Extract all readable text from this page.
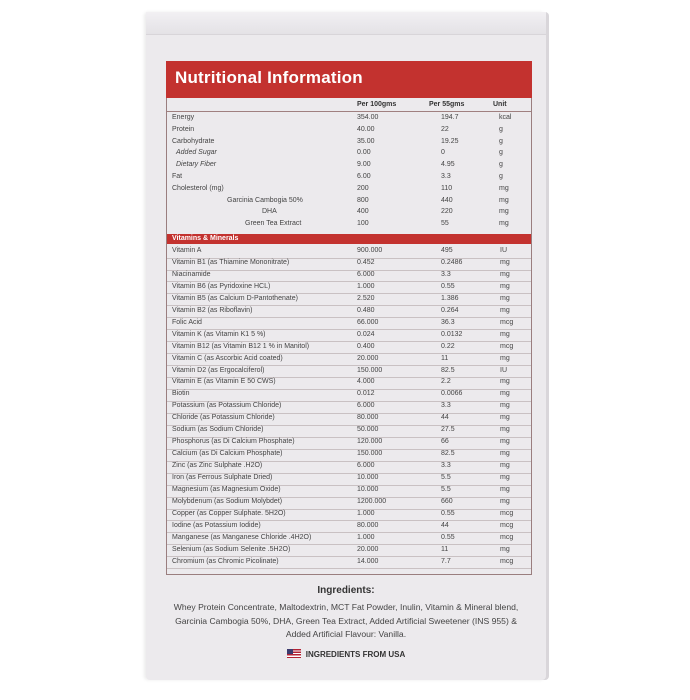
Nutritional Information
Per 100gms	Per 55gms	Unit
Energy	354.00	194.7	kcal
Protein	40.00	22	g
Carbohydrate	35.00	19.25	g
Added Sugar	0.00	0	g
Dietary Fiber	9.00	4.95	g
Fat	6.00	3.3	g
Cholesterol (mg)	200	110	mg
Garcinia Cambogia 50%	800	440	mg
DHA	400	220	mg
Green Tea Extract	100	55	mg
Vitamins & Minerals
Vitamin A	900.000	495	IU
Vitamin B1 (as Thiamine Mononitrate)	0.452	0.2486	mg
Niacinamide	6.000	3.3	mg
Vitamin B6 (as Pyridoxine HCL)	1.000	0.55	mg
Vitamin B5 (as Calcium D-Pantothenate)	2.520	1.386	mg
Vitamin B2 (as Riboflavin)	0.480	0.264	mg
Folic Acid	66.000	36.3	mcg
Vitamin K (as Vitamin K1 5 %)	0.024	0.0132	mg
Vitamin B12 (as Vitamin B12 1 % in Manitol)	0.400	0.22	mcg
Vitamin C (as Ascorbic Acid coated)	20.000	11	mg
Vitamin D2 (as Ergocalciferol)	150.000	82.5	IU
Vitamin E (as Vitamin E 50 CWS)	4.000	2.2	mg
Biotin	0.012	0.0066	mg
Potassium (as Potassium Chloride)	6.000	3.3	mg
Chloride (as Potassium Chloride)	80.000	44	mg
Sodium (as Sodium Chloride)	50.000	27.5	mg
Phosphorus (as Di Calcium Phosphate)	120.000	66	mg
Calcium (as Di Calcium Phosphate)	150.000	82.5	mg
Zinc (as Zinc Sulphate .H2O)	6.000	3.3	mg
Iron (as Ferrous Sulphate Dried)	10.000	5.5	mg
Magnesium (as Magnesium Oxide)	10.000	5.5	mg
Molybdenum (as Sodium Molybdet)	1200.000	660	mg
Copper (as Copper Sulphate. 5H2O)	1.000	0.55	mcg
Iodine (as Potassium Iodide)	80.000	44	mcg
Manganese (as Manganese Chloride .4H2O)	1.000	0.55	mcg
Selenium (as Sodium Selenite .5H2O)	20.000	11	mg
Chromium (as Chromic Picolinate)	14.000	7.7	mcg
Ingredients:
Whey Protein Concentrate, Maltodextrin, MCT Fat Powder, Inulin, Vitamin & Mineral blend, Garcinia Cambogia 50%, DHA, Green Tea Extract, Added Artificial Sweetener (INS 955) & Added Artificial Flavour: Vanilla.
INGREDIENTS FROM USA
